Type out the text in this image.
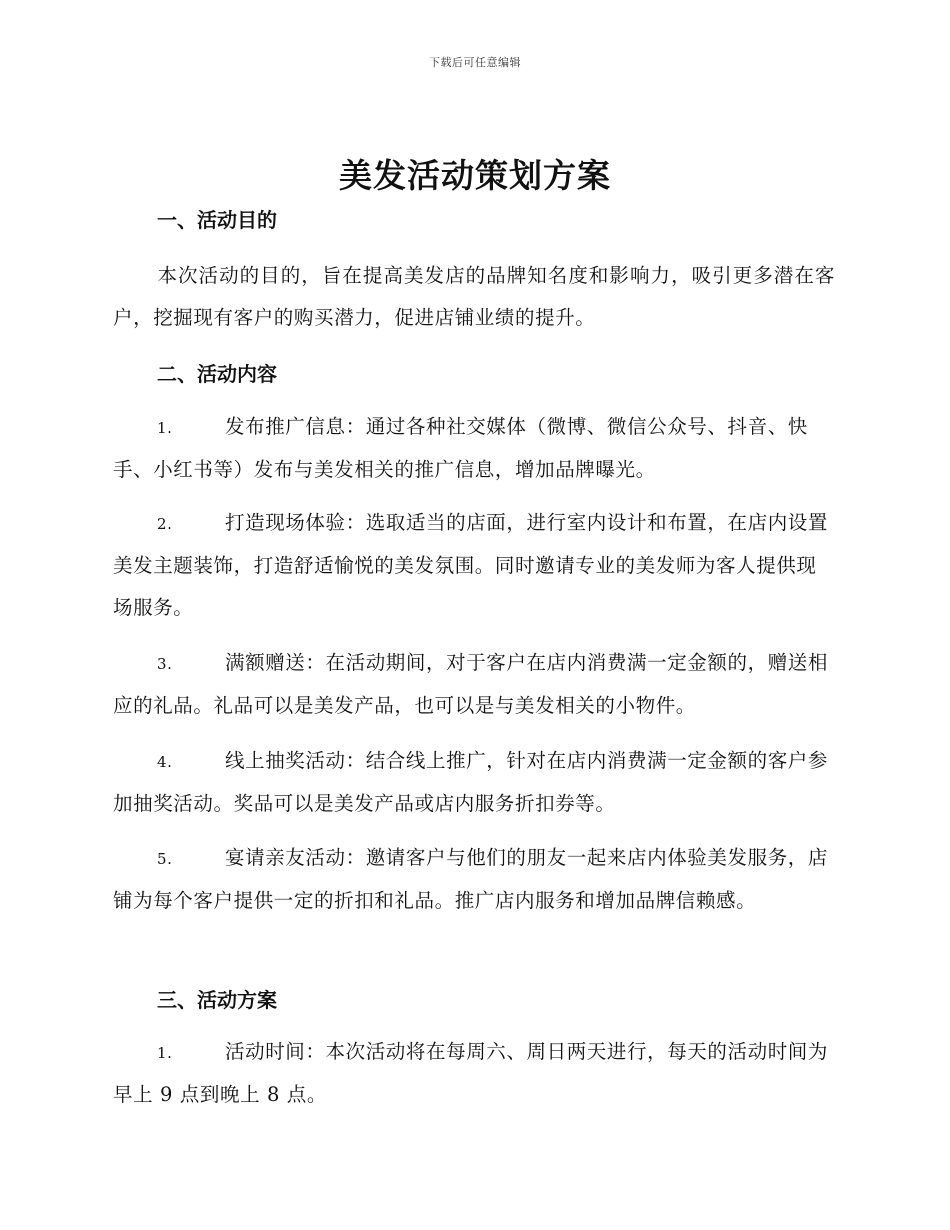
下载后可任意编辑
美发活动策划方案
一、活动目的

本次活动的目的，旨在提高美发店的品牌知名度和影响力，吸引更多潜在客户，挖掘现有客户的购买潜力，促进店铺业绩的提升。

二、活动内容

1.	发布推广信息：通过各种社交媒体（微博、微信公众号、抖音、快手、小红书等）发布与美发相关的推广信息，增加品牌曝光。

2.	打造现场体验：选取适当的店面，进行室内设计和布置，在店内设置美发主题装饰，打造舒适愉悦的美发氛围。同时邀请专业的美发师为客人提供现场服务。

3.	满额赠送：在活动期间，对于客户在店内消费满一定金额的，赠送相应的礼品。礼品可以是美发产品，也可以是与美发相关的小物件。

4.	线上抽奖活动：结合线上推广，针对在店内消费满一定金额的客户参加抽奖活动。奖品可以是美发产品或店内服务折扣券等。

5.	宴请亲友活动：邀请客户与他们的朋友一起来店内体验美发服务，店铺为每个客户提供一定的折扣和礼品。推广店内服务和增加品牌信赖感。

三、活动方案

1.	活动时间：本次活动将在每周六、周日两天进行，每天的活动时间为早上 9 点到晚上 8 点。
